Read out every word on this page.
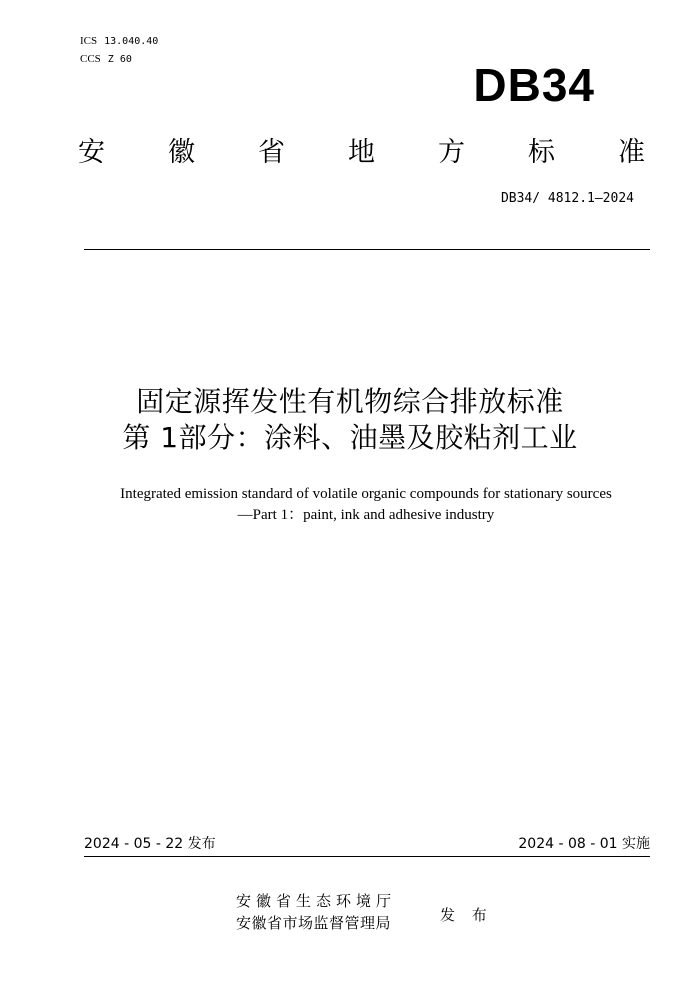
ICS 13.040.40
CCS Z 60	DB34
安 徽 省 地 方 标 准
DB34/ 4812.1—2024
固定源挥发性有机物综合排放标准
第 1部分：涂料、油墨及胶粘剂工业
Integrated emission standard of volatile organic compounds for stationary sources
—Part 1：paint, ink and adhesive industry
2024 - 05 - 22 发布	2024 - 08 - 01 实施
安徽省生态环境厅
安徽省市场监督管理局	发 布
